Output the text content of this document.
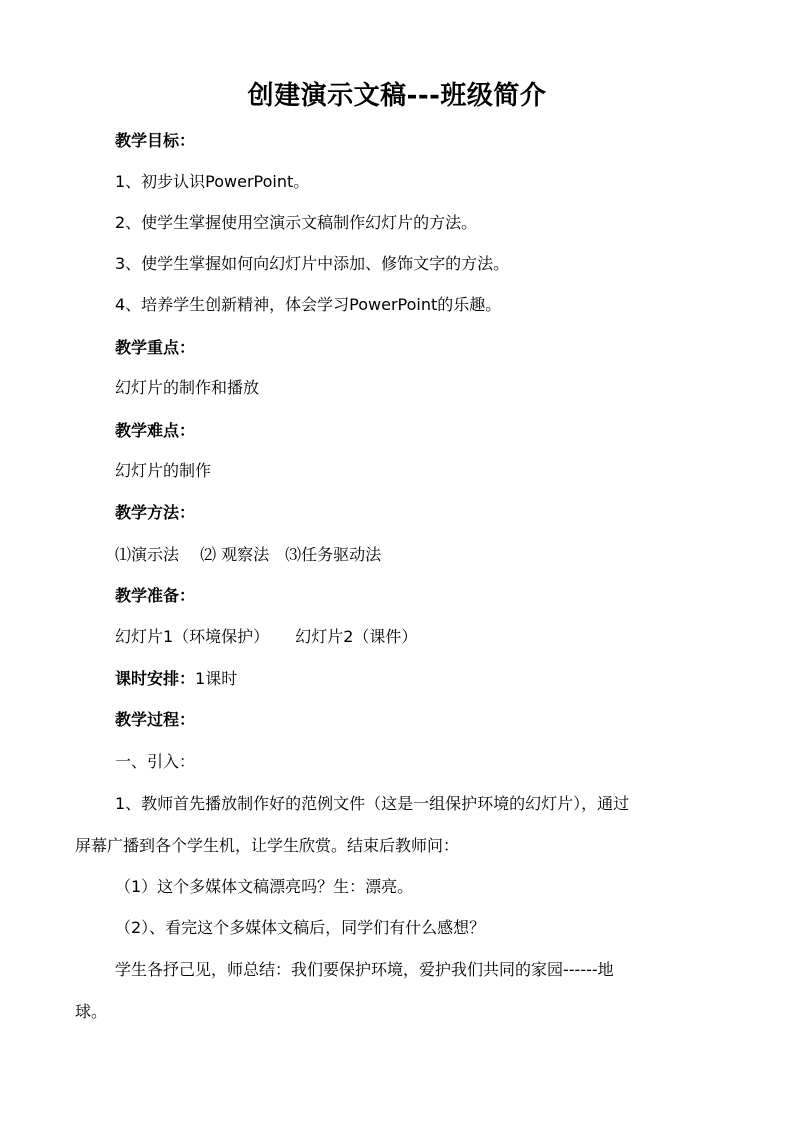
创建演示文稿---班级简介
教学目标：
1、初步认识PowerPoint。
2、使学生掌握使用空演示文稿制作幻灯片的方法。
3、使学生掌握如何向幻灯片中添加、修饰文字的方法。
4、培养学生创新精神，体会学习PowerPoint的乐趣。
教学重点：
幻灯片的制作和播放
教学难点：
幻灯片的制作
教学方法：
⑴演示法　 ⑵ 观察法　⑶任务驱动法
教学准备：
幻灯片1（环境保护） 幻灯片2（课件）
课时安排：1课时
教学过程：
一、引入：
1、教师首先播放制作好的范例文件（这是一组保护环境的幻灯片），通过
屏幕广播到各个学生机，让学生欣赏。结束后教师问：
（1）这个多媒体文稿漂亮吗？生：漂亮。
（2）、看完这个多媒体文稿后，同学们有什么感想？
学生各抒己见，师总结：我们要保护环境，爱护我们共同的家园------地
球。
